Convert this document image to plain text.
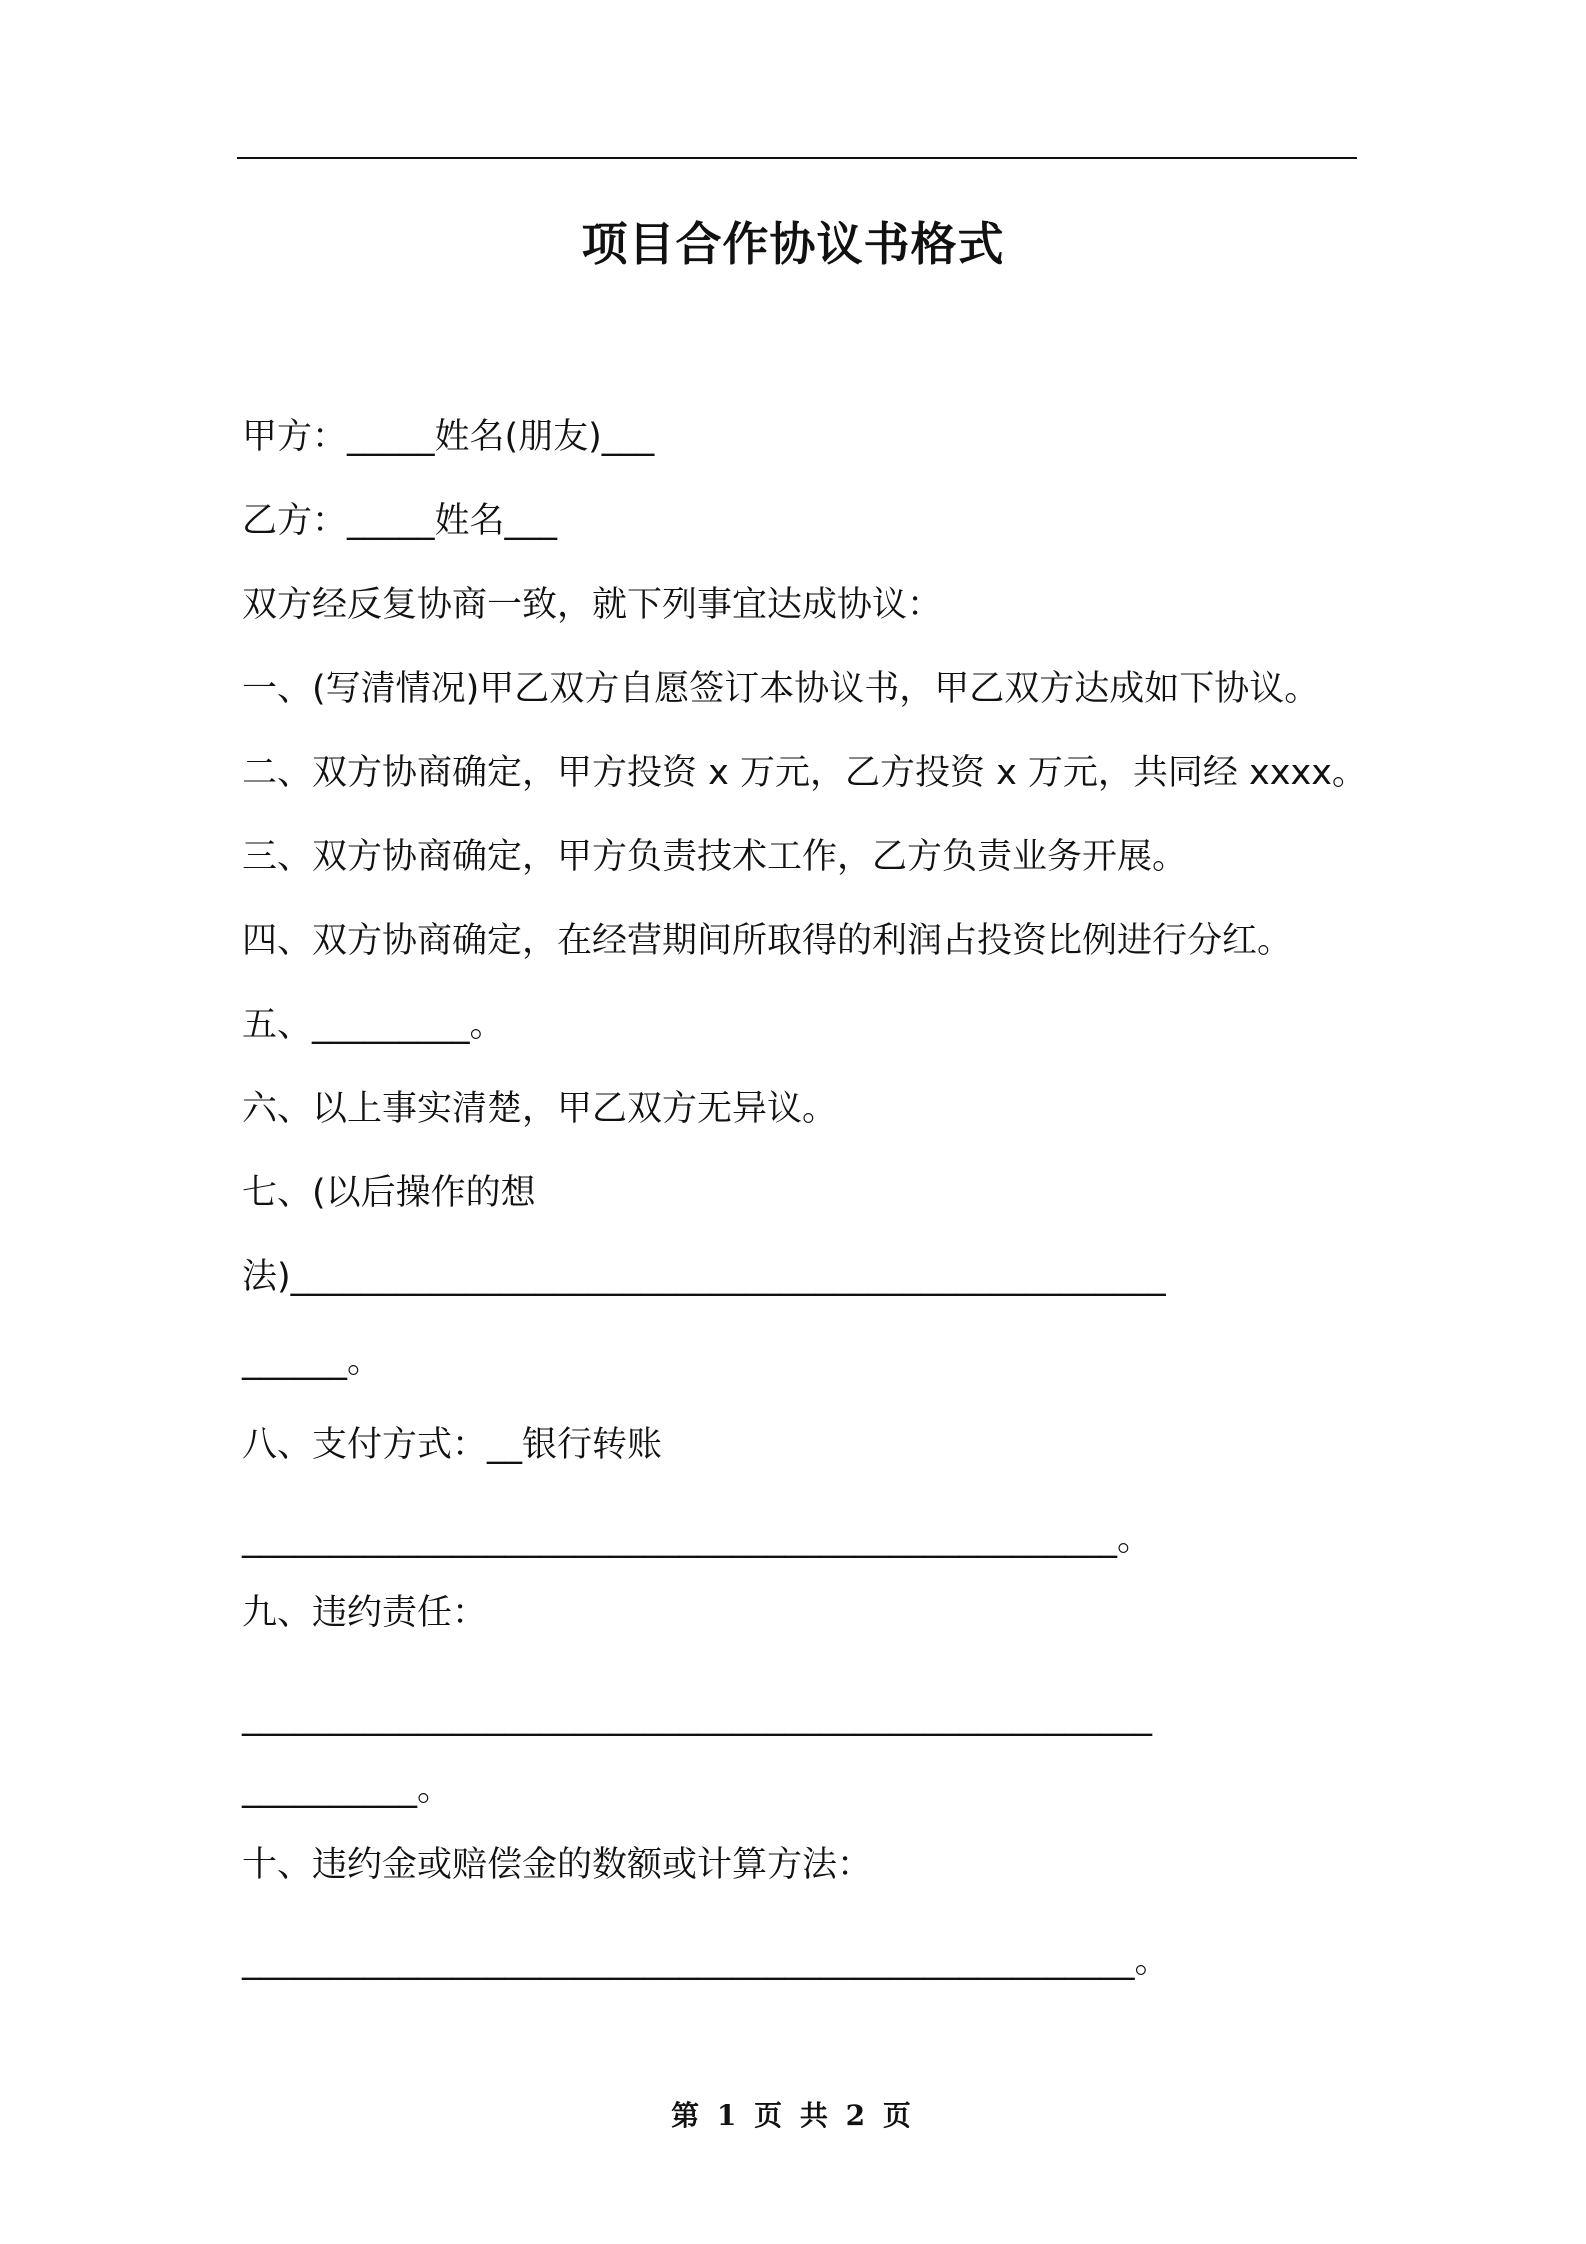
项目合作协议书格式
甲方：_____姓名(朋友)___
乙方：_____姓名___
双方经反复协商一致，就下列事宜达成协议：
一、(写清情况)甲乙双方自愿签订本协议书，甲乙双方达成如下协议。
二、双方协商确定，甲方投资 x 万元，乙方投资 x 万元，共同经 xxxx。
三、双方协商确定，甲方负责技术工作，乙方负责业务开展。
四、双方协商确定，在经营期间所取得的利润占投资比例进行分红。
五、_________。
六、以上事实清楚，甲乙双方无异议。
七、(以后操作的想
法)__________________________________________________
______。
八、支付方式：__银行转账
__________________________________________________。
九、违约责任：
____________________________________________________
__________。
十、违约金或赔偿金的数额或计算方法：
___________________________________________________。
第 1 页 共 2 页
